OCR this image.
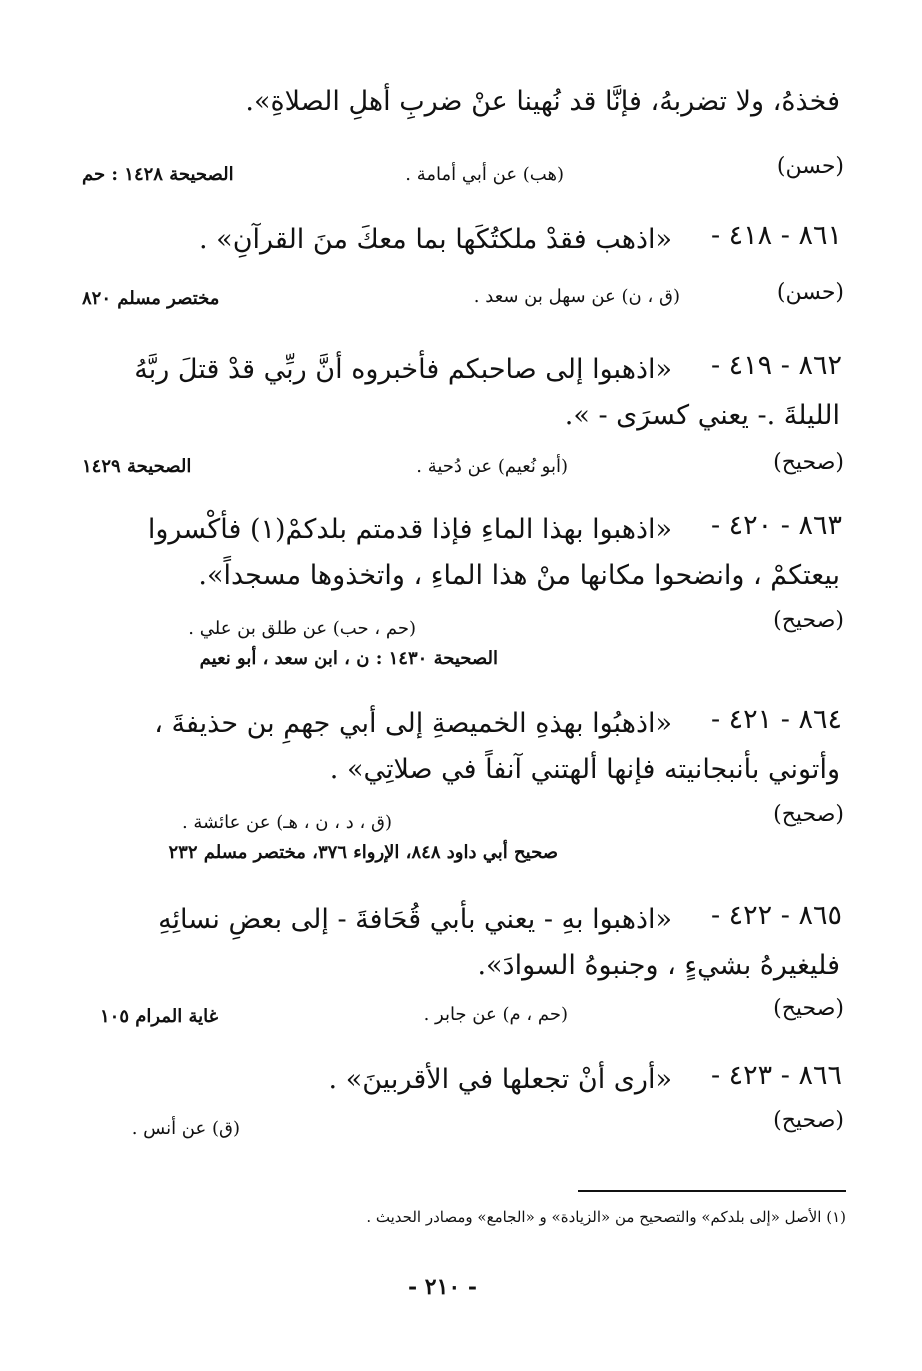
فخذهُ، ولا تضربهُ، فإنَّا قد نُهينا عنْ ضربِ أهلِ الصلاةِ».
(حسن)
(هب) عن أبي أمامة .
الصحيحة ١٤٢٨ : حم
٨٦١ - ٤١٨ -
«اذهب فقدْ ملكتُكَها بما معكَ منَ القرآنِ» .
(حسن)
(ق ، ن) عن سهل بن سعد .
مختصر مسلم ٨٢٠
٨٦٢ - ٤١٩ -
«اذهبوا إلى صاحبكم فأخبروه أنَّ ربِّي قدْ قتلَ ربَّهُ
الليلةَ .- يعني كسرَى - ».
(صحيح)
(أبو نُعيم) عن دُحية .
الصحيحة ١٤٢٩
٨٦٣ - ٤٢٠ -
«اذهبوا بهذا الماءِ فإذا قدمتم بلدكمْ(١) فأكْسروا
بيعتكمْ ، وانضحوا مكانها منْ هذا الماءِ ، واتخذوها مسجداً».
(صحيح)
(حم ، حب) عن طلق بن علي .
الصحيحة ١٤٣٠ : ن ، ابن سعد ، أبو نعيم
٨٦٤ - ٤٢١ -
«اذهبُوا بهذهِ الخميصةِ إلى أبي جهمِ بن حذيفةَ ،
وأتوني بأنبجانيته فإنها ألهتني آنفاً في صلاتِي» .
(صحيح)
(ق ، د ، ن ، هـ) عن عائشة .
صحيح أبي داود ٨٤٨، الإرواء ٣٧٦، مختصر مسلم ٢٣٢
٨٦٥ - ٤٢٢ -
«اذهبوا بهِ - يعني بأبي قُحَافةَ - إلى بعضِ نسائِهِ
فليغيرهُ بشيءٍ ، وجنبوهُ السوادَ».
(صحيح)
(حم ، م) عن جابر .
غاية المرام ١٠٥
٨٦٦ - ٤٢٣ -
«أرى أنْ تجعلها في الأقربينَ» .
(صحيح)
(ق) عن أنس .
(١) الأصل «إلى بلدكم» والتصحيح من «الزيادة» و «الجامع» ومصادر الحديث .
- ٢١٠ -
